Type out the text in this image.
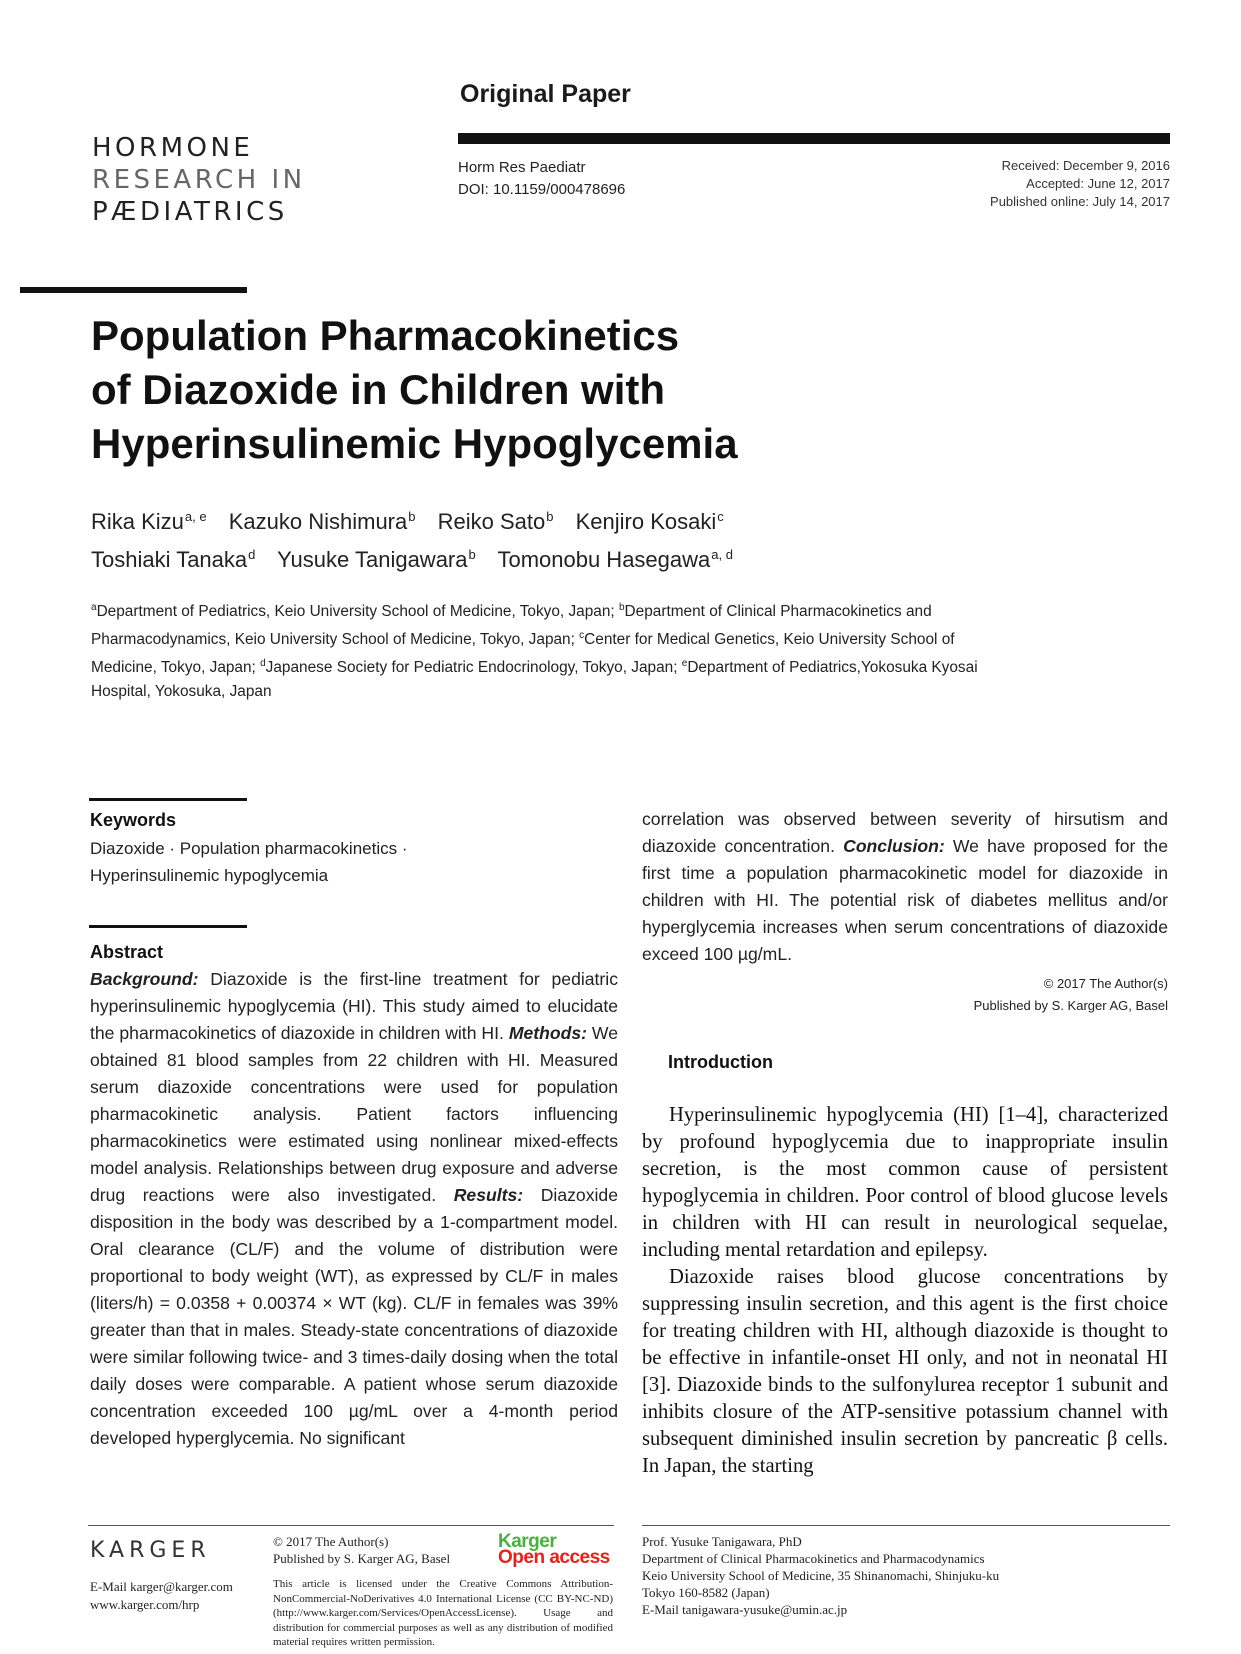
Original Paper
HORMONE
RESEARCH IN
PÆDIATRICS
Horm Res Paediatr
DOI: 10.1159/000478696
Received: December 9, 2016
Accepted: June 12, 2017
Published online: July 14, 2017
Population Pharmacokinetics
of Diazoxide in Children with
Hyperinsulinemic Hypoglycemia
Rika Kizu$^{a, e}$ Kazuko Nishimura$^b$ Reiko Sato$^b$ Kenjiro Kosaki$^c$
Toshiaki Tanaka$^d$ Yusuke Tanigawara$^b$ Tomonobu Hasegawa$^{a, d}$
$^a$Department of Pediatrics, Keio University School of Medicine, Tokyo, Japan; $^b$Department of Clinical Pharmacokinetics and Pharmacodynamics, Keio University School of Medicine, Tokyo, Japan; $^c$Center for Medical Genetics, Keio University School of Medicine, Tokyo, Japan; $^d$Japanese Society for Pediatric Endocrinology, Tokyo, Japan; $^e$Department of Pediatrics,Yokosuka Kyosai Hospital, Yokosuka, Japan
Keywords
Diazoxide · Population pharmacokinetics ·
Hyperinsulinemic hypoglycemia
Abstract
Background: Diazoxide is the first-line treatment for pediatric hyperinsulinemic hypoglycemia (HI). This study aimed to elucidate the pharmacokinetics of diazoxide in children with HI. Methods: We obtained 81 blood samples from 22 children with HI. Measured serum diazoxide concentrations were used for population pharmacokinetic analysis. Patient factors influencing pharmacokinetics were estimated using nonlinear mixed-effects model analysis. Relationships between drug exposure and adverse drug reactions were also investigated. Results: Diazoxide disposition in the body was described by a 1-compartment model. Oral clearance (CL/F) and the volume of distribution were proportional to body weight (WT), as expressed by CL/F in males (liters/h) = 0.0358 + 0.00374 × WT (kg). CL/F in females was 39% greater than that in males. Steady-state concentrations of diazoxide were similar following twice- and 3 times-daily dosing when the total daily doses were comparable. A patient whose serum diazoxide concentration exceeded 100 µg/mL over a 4-month period developed hyperglycemia. No significant
correlation was observed between severity of hirsutism and diazoxide concentration. Conclusion: We have proposed for the first time a population pharmacokinetic model for diazoxide in children with HI. The potential risk of diabetes mellitus and/or hyperglycemia increases when serum concentrations of diazoxide exceed 100 µg/mL.
© 2017 The Author(s)
Published by S. Karger AG, Basel
Introduction

Hyperinsulinemic hypoglycemia (HI) [1–4], characterized by profound hypoglycemia due to inappropriate insulin secretion, is the most common cause of persistent hypoglycemia in children. Poor control of blood glucose levels in children with HI can result in neurological sequelae, including mental retardation and epilepsy.

Diazoxide raises blood glucose concentrations by suppressing insulin secretion, and this agent is the first choice for treating children with HI, although diazoxide is thought to be effective in infantile-onset HI only, and not in neonatal HI [3]. Diazoxide binds to the sulfonylurea receptor 1 subunit and inhibits closure of the ATP-sensitive potassium channel with subsequent diminished insulin secretion by pancreatic β cells. In Japan, the starting

KARGER
E-Mail karger@karger.com
www.karger.com/hrp
© 2017 The Author(s)
Published by S. Karger AG, Basel
Karger
Open access
This article is licensed under the Creative Commons Attribution-NonCommercial-NoDerivatives 4.0 International License (CC BY-NC-ND) (http://www.karger.com/Services/OpenAccessLicense). Usage and distribution for commercial purposes as well as any distribution of modified material requires written permission.
Prof. Yusuke Tanigawara, PhD
Department of Clinical Pharmacokinetics and Pharmacodynamics
Keio University School of Medicine, 35 Shinanomachi, Shinjuku-ku
Tokyo 160-8582 (Japan)
E-Mail tanigawara-yusuke@umin.ac.jp
